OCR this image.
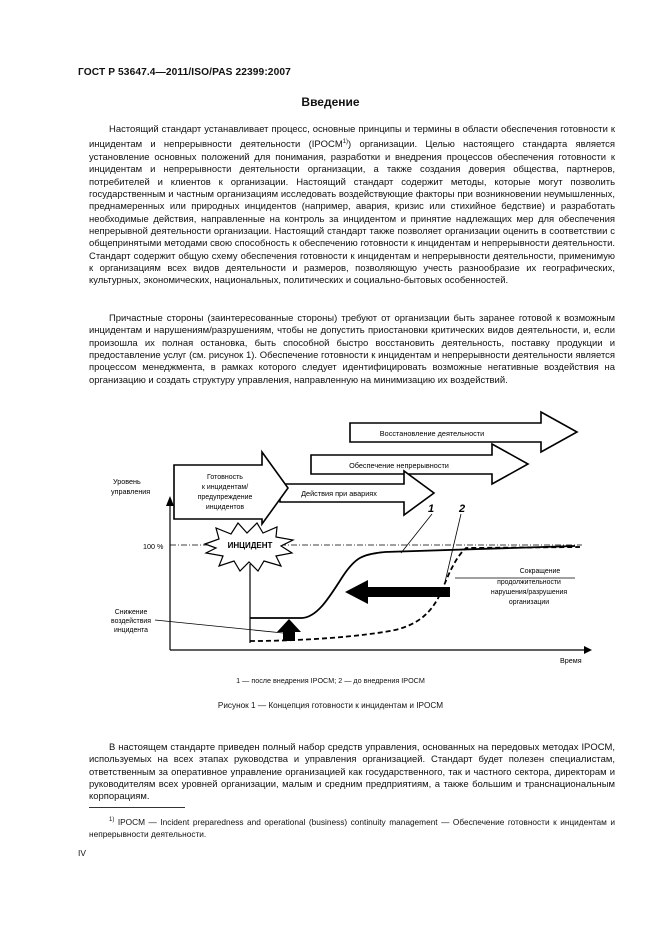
ГОСТ Р 53647.4—2011/ISO/PAS 22399:2007
Введение

Настоящий стандарт устанавливает процесс, основные принципы и термины в области обеспечения готовности к инцидентам и непрерывности деятельности (IPOCM$^{1)}$) организации. Целью настоящего стандарта является установление основных положений для понимания, разработки и внедрения процессов обеспечения готовности к инцидентам и непрерывности деятельности организации, а также создания доверия общества, партнеров, потребителей и клиентов к организации. Настоящий стандарт содержит методы, которые могут позволить государственным и частным организациям исследовать воздействующие факторы при возникновении неумышленных, преднамеренных или природных инцидентов (например, авария, кризис или стихийное бедствие) и разработать необходимые действия, направленные на контроль за инцидентом и принятие надлежащих мер для обеспечения непрерывной деятельности организации. Настоящий стандарт также позволяет организации оценить в соответствии с общепринятыми методами свою способность к обеспечению готовности к инцидентам и непрерывности деятельности. Стандарт содержит общую схему обеспечения готовности к инцидентам и непрерывности деятельности, применимую к организациям всех видов деятельности и размеров, позволяющую учесть разнообразие их географических, культурных, экономических, национальных, политических и социально-бытовых особенностей.

Причастные стороны (заинтересованные стороны) требуют от организации быть заранее готовой к возможным инцидентам и нарушениям/разрушениям, чтобы не допустить приостановки критических видов деятельности, и, если произошла их полная остановка, быть способной быстро восстановить деятельность, поставку продукции и предоставление услуг (см. рисунок 1). Обеспечение готовности к инцидентам и непрерывности деятельности является процессом менеджмента, в рамках которого следует идентифицировать возможные негативные воздействия на организацию и создать структуру управления, направленную на минимизацию их воздействий.

Восстановление деятельности
Обеспечение непрерывности
Действия при авариях
Готовность
к инцидентам/
предупреждение
инцидентов
Уровень
управления
Время
100 %	ИНЦИДЕНТ
1 2
Снижение
воздействия
инцидента
Сокращение
продолжительности
нарушения/разрушения
организации
1 — после внедрения IPOCM; 2 — до внедрения IPOCM
Рисунок 1 — Концепция готовности к инцидентам и IPOCM

В настоящем стандарте приведен полный набор средств управления, основанных на передовых методах IPOCM, используемых на всех этапах руководства и управления организацией. Стандарт будет полезен специалистам, ответственным за оперативное управление организацией как государственного, так и частного сектора, директорам и руководителям всех уровней организации, малым и средним предприятиям, а также большим и транснациональным корпорациям.

$^{1)}$ IPOCM — Incident preparedness and operational (business) continuity management — Обеспечение готовности к инцидентам и непрерывности деятельности.

IV
